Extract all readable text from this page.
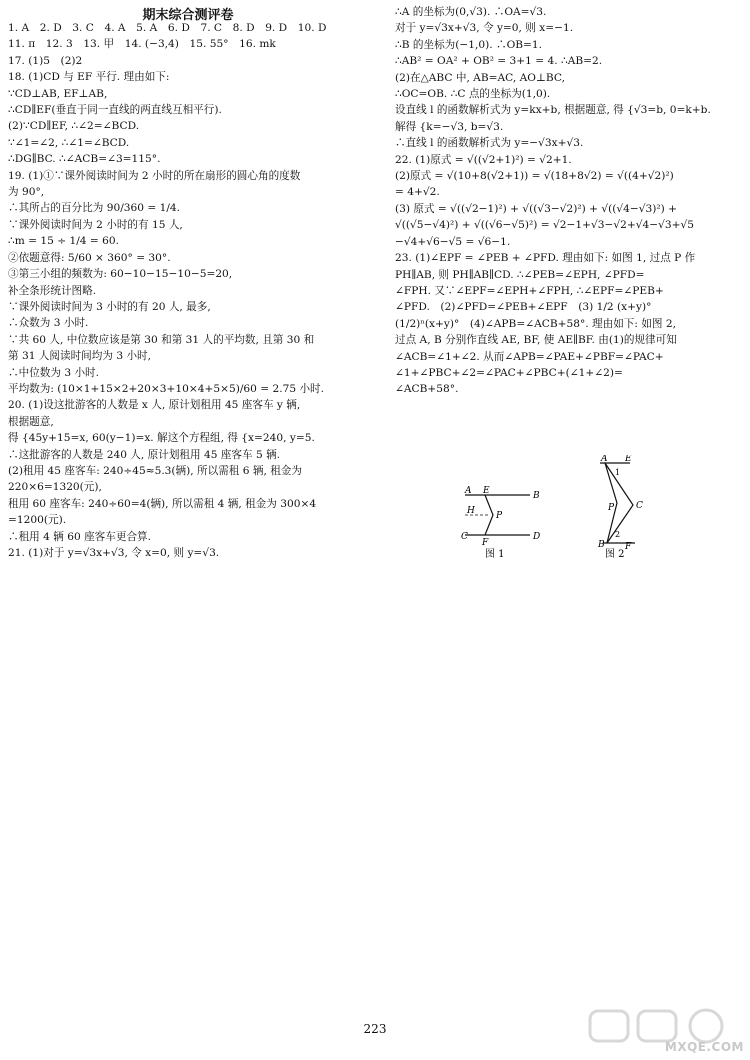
期末综合测评卷
1. A　2. D　3. C　4. A　5. A　6. D　7. C　8. D　9. D　10. D
11. π　12. 3　13. 甲　14. (−3,4)　15. 55°　16. mk
17. (1)5　(2)2
18. (1)CD 与 EF 平行. 理由如下:
∵CD⊥AB, EF⊥AB,
∴CD∥EF(垂直于同一直线的两直线互相平行).
(2)∵CD∥EF, ∴∠2=∠BCD.
∵∠1=∠2, ∴∠1=∠BCD.
∴DG∥BC. ∴∠ACB=∠3=115°.
19. (1)①∵课外阅读时间为 2 小时的所在扇形的圆心角的度数
为 90°,
∴其所占的百分比为 90/360 = 1/4.
∵课外阅读时间为 2 小时的有 15 人,
∴m = 15 ÷ 1/4 = 60.
②依题意得: 5/60 × 360° = 30°.
③第三小组的频数为: 60−10−15−10−5=20,
补全条形统计图略.
∵课外阅读时间为 3 小时的有 20 人, 最多,
∴众数为 3 小时.
∵共 60 人, 中位数应该是第 30 和第 31 人的平均数, 且第 30 和
第 31 人阅读时间均为 3 小时,
∴中位数为 3 小时.
平均数为: (10×1+15×2+20×3+10×4+5×5)/60 = 2.75 小时.
20. (1)设这批游客的人数是 x 人, 原计划租用 45 座客车 y 辆,
根据题意,
得 {45y+15=x, 60(y−1)=x. 解这个方程组, 得 {x=240, y=5.
∴这批游客的人数是 240 人, 原计划租用 45 座客车 5 辆.
(2)租用 45 座客车: 240÷45≈5.3(辆), 所以需租 6 辆, 租金为
220×6=1320(元),
租用 60 座客车: 240÷60=4(辆), 所以需租 4 辆, 租金为 300×4
=1200(元).
∴租用 4 辆 60 座客车更合算.
21. (1)对于 y=√3x+√3, 令 x=0, 则 y=√3.
∴A 的坐标为(0,√3). ∴OA=√3.
对于 y=√3x+√3, 令 y=0, 则 x=−1.
∴B 的坐标为(−1,0). ∴OB=1.
∴AB² = OA² + OB² = 3+1 = 4. ∴AB=2.
(2)在△ABC 中, AB=AC, AO⊥BC,
∴OC=OB. ∴C 点的坐标为(1,0).
设直线 l 的函数解析式为 y=kx+b, 根据题意, 得 {√3=b, 0=k+b.
解得 {k=−√3, b=√3.
∴直线 l 的函数解析式为 y=−√3x+√3.
22. (1)原式 = √((√2+1)²) = √2+1.
(2)原式 = √(10+8(√2+1)) = √(18+8√2) = √((4+√2)²)
= 4+√2.
(3) 原式 = √((√2−1)²) + √((√3−√2)²) + √((√4−√3)²) +
√((√5−√4)²) + √((√6−√5)²) = √2−1+√3−√2+√4−√3+√5
−√4+√6−√5 = √6−1.
23. (1)∠EPF = ∠PEB + ∠PFD. 理由如下: 如图 1, 过点 P 作
PH∥AB, 则 PH∥AB∥CD. ∴∠PEB=∠EPH, ∠PFD=
∠FPH. 又∵∠EPF=∠EPH+∠FPH, ∴∠EPF=∠PEB+
∠PFD.　(2)∠PFD=∠PEB+∠EPF　(3) 1/2 (x+y)°
(1/2)ⁿ(x+y)°　(4)∠APB=∠ACB+58°. 理由如下: 如图 2,
过点 A, B 分别作直线 AE, BF, 使 AE∥BF. 由(1)的规律可知
∠ACB=∠1+∠2. 从而∠APB=∠PAE+∠PBF=∠PAC+
∠1+∠PBC+∠2=∠PAC+∠PBC+(∠1+∠2)=
∠ACB+58°.
A E	B
H P
C
F
D
图 1
A E
1
C
P
2
B F
图 2
223
MXQE.COM
